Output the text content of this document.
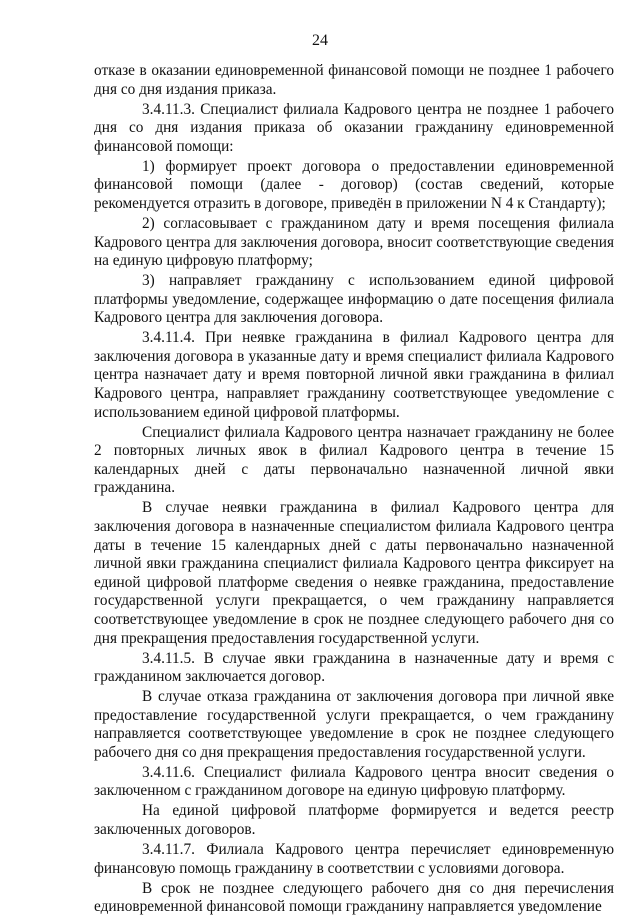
24

отказе в оказании единовременной финансовой помощи не позднее 1 рабочего дня со дня издания приказа.

3.4.11.3. Специалист филиала Кадрового центра не позднее 1 рабочего дня со дня издания приказа об оказании гражданину единовременной финансовой помощи:

1) формирует проект договора о предоставлении единовременной финансовой помощи (далее - договор) (состав сведений, которые рекомендуется отразить в договоре, приведён в приложении N 4 к Стандарту);

2) согласовывает с гражданином дату и время посещения филиала Кадрового центра для заключения договора, вносит соответствующие сведения на единую цифровую платформу;

3) направляет гражданину с использованием единой цифровой платформы уведомление, содержащее информацию о дате посещения филиала Кадрового центра для заключения договора.

3.4.11.4. При неявке гражданина в филиал Кадрового центра для заключения договора в указанные дату и время специалист филиала Кадрового центра назначает дату и время повторной личной явки гражданина в филиал Кадрового центра, направляет гражданину соответствующее уведомление с использованием единой цифровой платформы.

Специалист филиала Кадрового центра назначает гражданину не более 2 повторных личных явок в филиал Кадрового центра в течение 15 календарных дней с даты первоначально назначенной личной явки гражданина.

В случае неявки гражданина в филиал Кадрового центра для заключения договора в назначенные специалистом филиала Кадрового центра даты в течение 15 календарных дней с даты первоначально назначенной личной явки гражданина специалист филиала Кадрового центра фиксирует на единой цифровой платформе сведения о неявке гражданина, предоставление государственной услуги прекращается, о чем гражданину направляется соответствующее уведомление в срок не позднее следующего рабочего дня со дня прекращения предоставления государственной услуги.

3.4.11.5. В случае явки гражданина в назначенные дату и время с гражданином заключается договор.

В случае отказа гражданина от заключения договора при личной явке предоставление государственной услуги прекращается, о чем гражданину направляется соответствующее уведомление в срок не позднее следующего рабочего дня со дня прекращения предоставления государственной услуги.

3.4.11.6. Специалист филиала Кадрового центра вносит сведения о заключенном с гражданином договоре на единую цифровую платформу.

На единой цифровой платформе формируется и ведется реестр заключенных договоров.

3.4.11.7. Филиала Кадрового центра перечисляет единовременную финансовую помощь гражданину в соответствии с условиями договора.

В срок не позднее следующего рабочего дня со дня перечисления единовременной финансовой помощи гражданину направляется уведомление
